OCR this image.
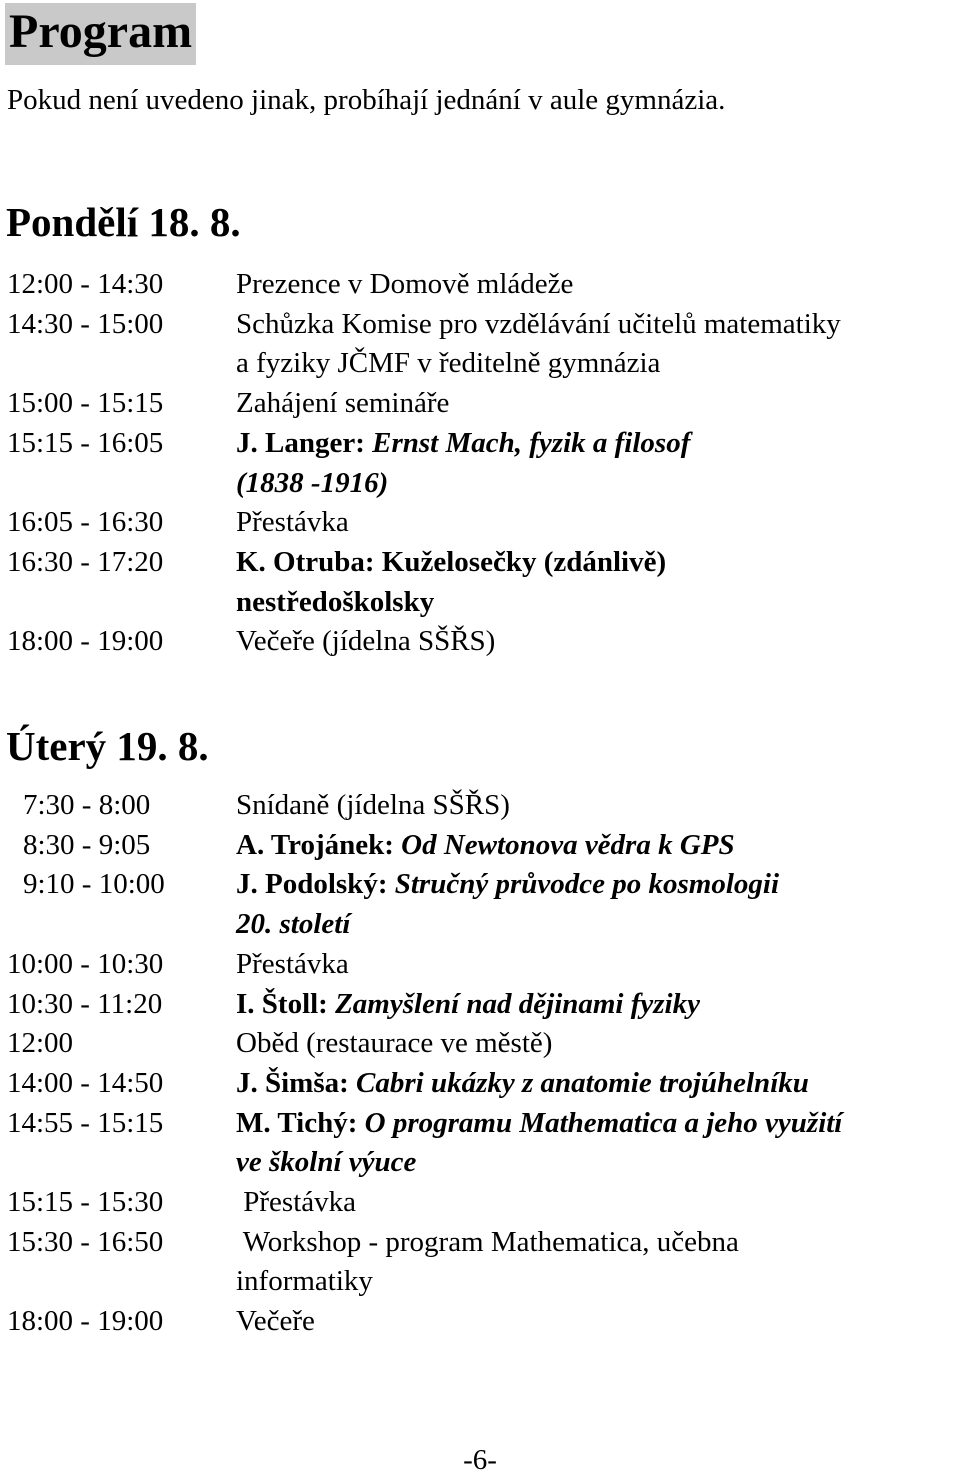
Program
Pokud není uvedeno jinak, probíhají jednání v aule gymnázia.
Pondělí 18. 8.
12:00 - 14:30	Prezence v Domově mládeže
14:30 - 15:00	Schůzka Komise pro vzdělávání učitelů matematiky
a fyziky JČMF v ředitelně gymnázia
15:00 - 15:15	Zahájení semináře
15:15 - 16:05	J. Langer: Ernst Mach, fyzik a filosof
(1838 -1916)
16:05 - 16:30	Přestávka
16:30 - 17:20	K. Otruba: Kuželosečky (zdánlivě)
nestředoškolsky
18:00 - 19:00	Večeře (jídelna SŠŘS)
Úterý 19. 8.
7:30 - 8:00	Snídaně (jídelna SŠŘS)
8:30 - 9:05	A. Trojánek: Od Newtonova vědra k GPS
9:10 - 10:00	J. Podolský: Stručný průvodce po kosmologii
20. století
10:00 - 10:30	Přestávka
10:30 - 11:20	I. Štoll: Zamyšlení nad dějinami fyziky
12:00	Oběd (restaurace ve městě)
14:00 - 14:50	J. Šimša: Cabri ukázky z anatomie trojúhelníku
14:55 - 15:15	M. Tichý: O programu Mathematica a jeho využití
ve školní výuce
15:15 - 15:30	Přestávka
15:30 - 16:50	Workshop - program Mathematica, učebna
informatiky
18:00 - 19:00	Večeře
-6-
